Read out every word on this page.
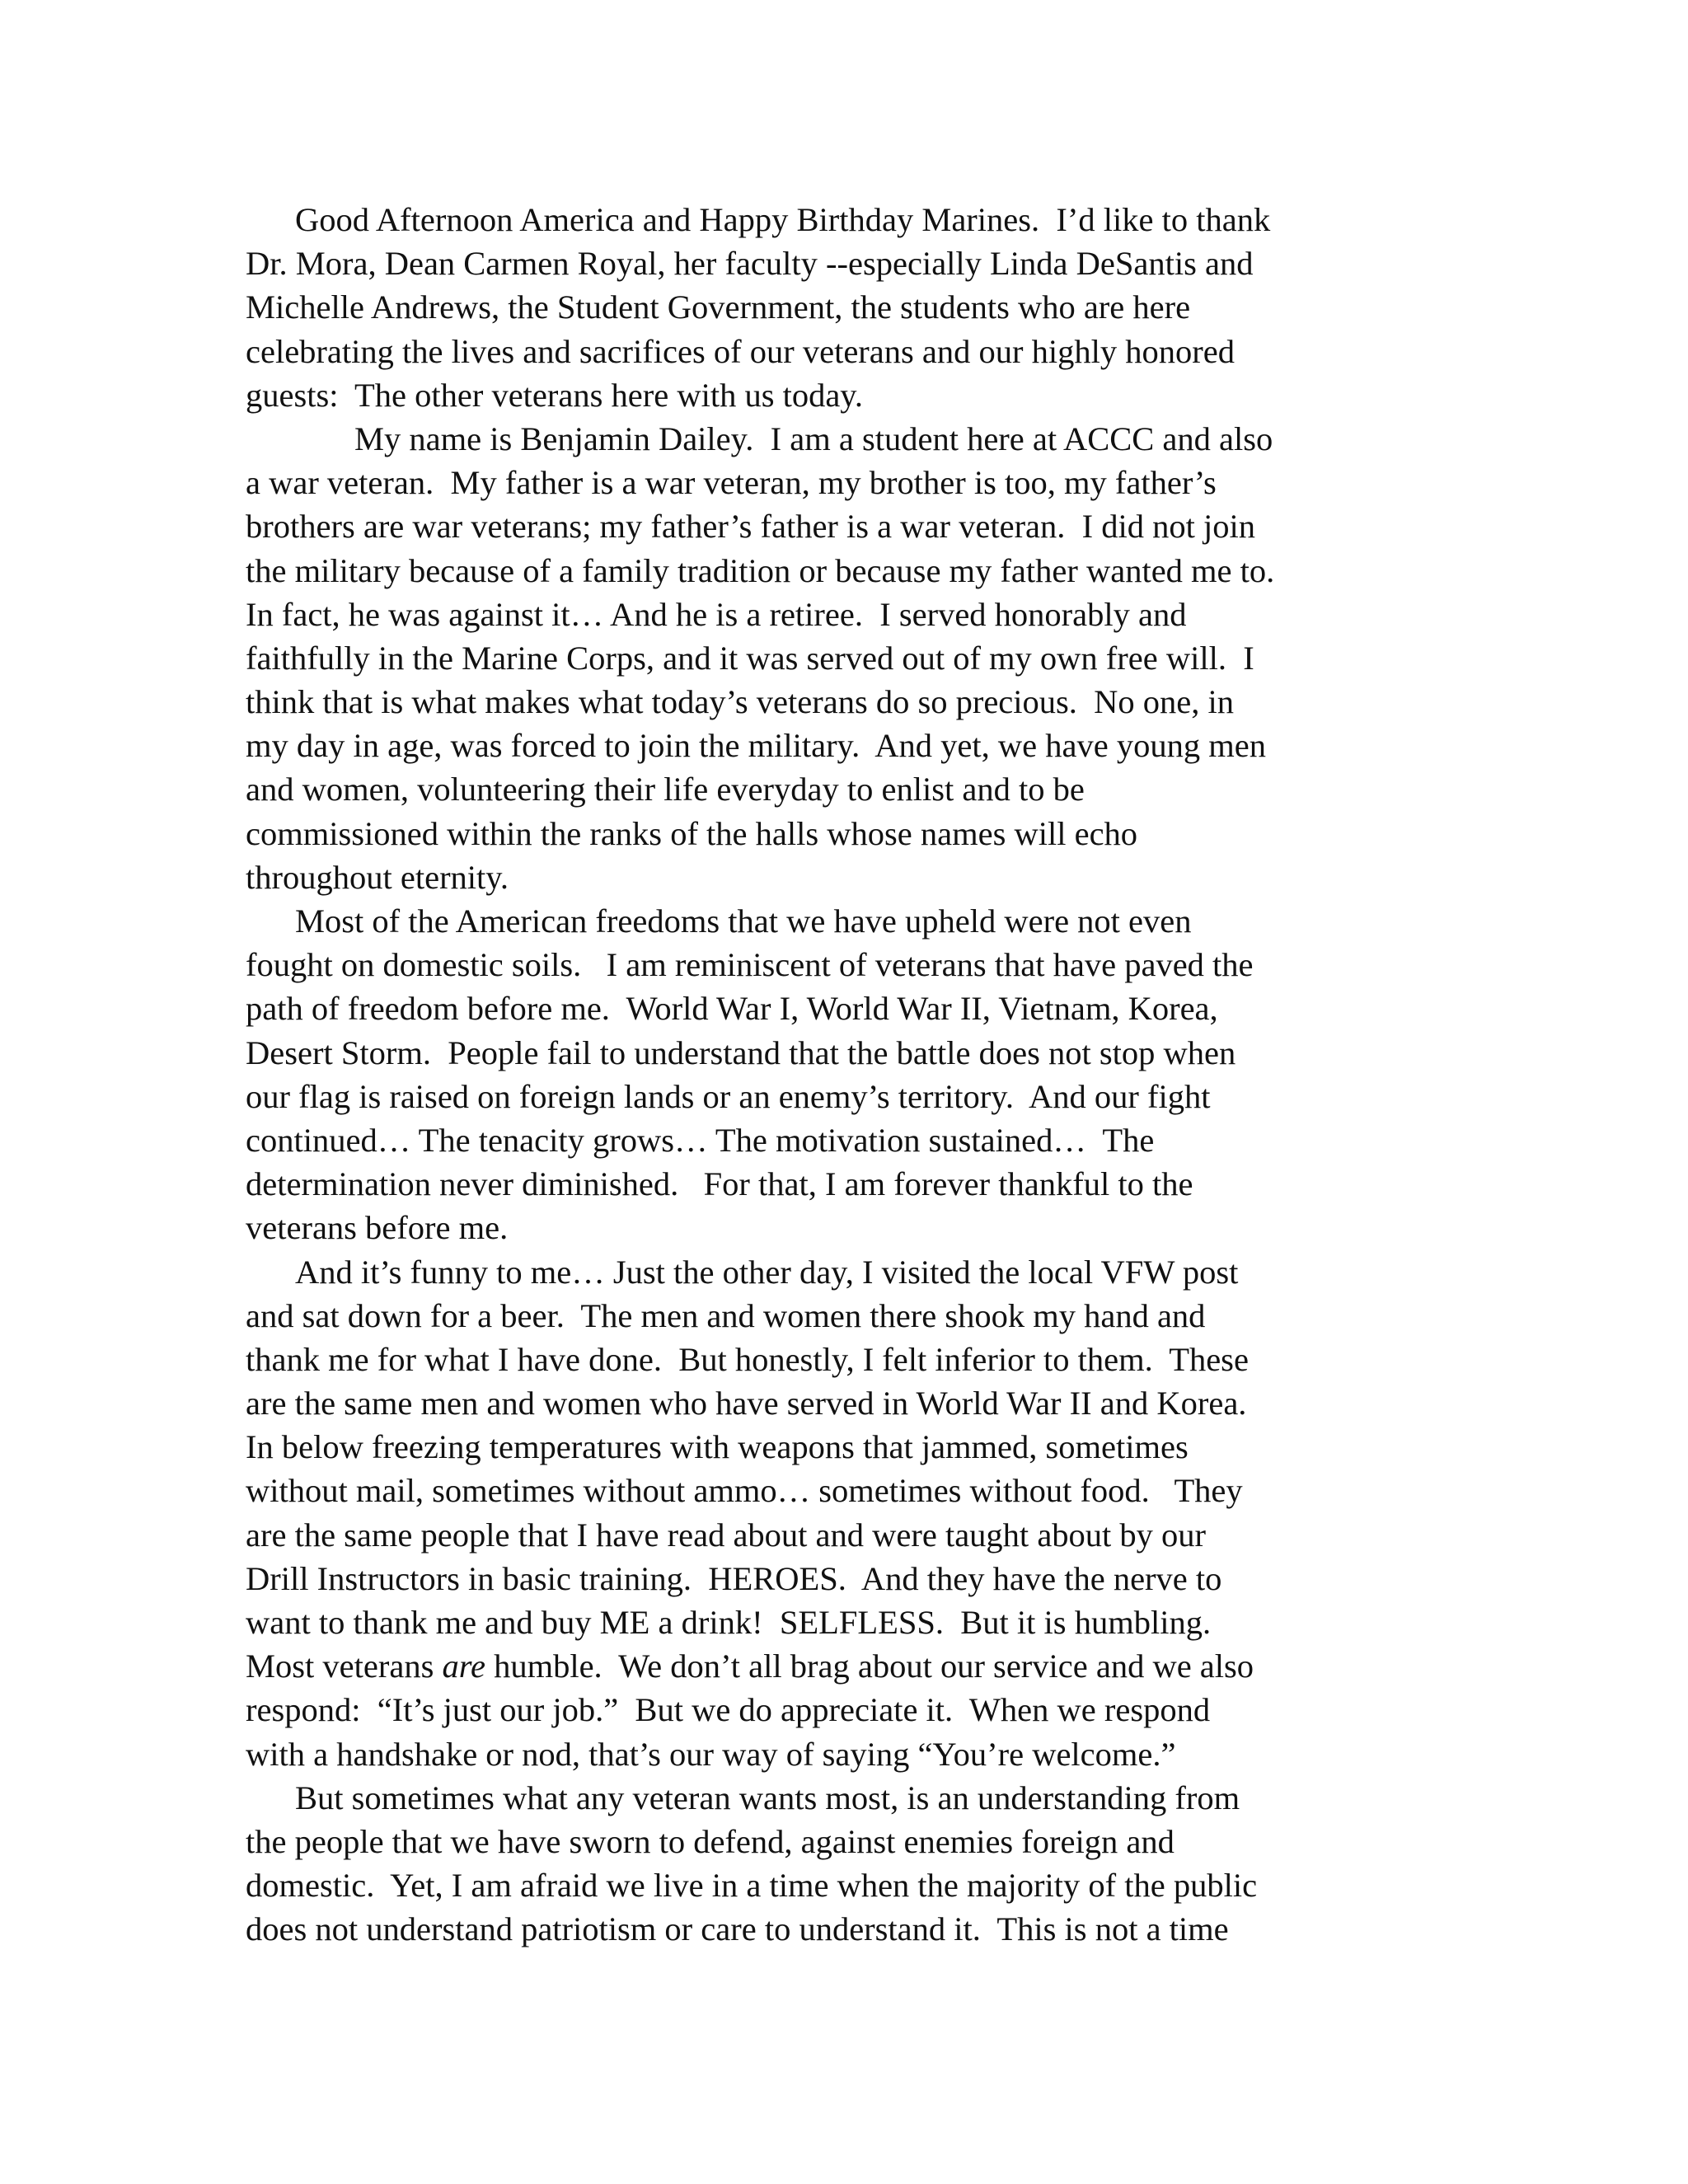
Good Afternoon America and Happy Birthday Marines.  I’d like to thank
Dr. Mora, Dean Carmen Royal, her faculty --especially Linda DeSantis and
Michelle Andrews, the Student Government, the students who are here
celebrating the lives and sacrifices of our veterans and our highly honored
guests:  The other veterans here with us today.
My name is Benjamin Dailey.  I am a student here at ACCC and also
a war veteran.  My father is a war veteran, my brother is too, my father’s
brothers are war veterans; my father’s father is a war veteran.  I did not join
the military because of a family tradition or because my father wanted me to.
In fact, he was against it… And he is a retiree.  I served honorably and
faithfully in the Marine Corps, and it was served out of my own free will.  I
think that is what makes what today’s veterans do so precious.  No one, in
my day in age, was forced to join the military.  And yet, we have young men
and women, volunteering their life everyday to enlist and to be
commissioned within the ranks of the halls whose names will echo
throughout eternity.
Most of the American freedoms that we have upheld were not even
fought on domestic soils.   I am reminiscent of veterans that have paved the
path of freedom before me.  World War I, World War II, Vietnam, Korea,
Desert Storm.  People fail to understand that the battle does not stop when
our flag is raised on foreign lands or an enemy’s territory.  And our fight
continued… The tenacity grows… The motivation sustained…  The
determination never diminished.   For that, I am forever thankful to the
veterans before me.
And it’s funny to me… Just the other day, I visited the local VFW post
and sat down for a beer.  The men and women there shook my hand and
thank me for what I have done.  But honestly, I felt inferior to them.  These
are the same men and women who have served in World War II and Korea.
In below freezing temperatures with weapons that jammed, sometimes
without mail, sometimes without ammo… sometimes without food.   They
are the same people that I have read about and were taught about by our
Drill Instructors in basic training.  HEROES.  And they have the nerve to
want to thank me and buy ME a drink!  SELFLESS.  But it is humbling.
Most veterans are humble.  We don’t all brag about our service and we also
respond:  “It’s just our job.”  But we do appreciate it.  When we respond
with a handshake or nod, that’s our way of saying “You’re welcome.”
But sometimes what any veteran wants most, is an understanding from
the people that we have sworn to defend, against enemies foreign and
domestic.  Yet, I am afraid we live in a time when the majority of the public
does not understand patriotism or care to understand it.  This is not a time
